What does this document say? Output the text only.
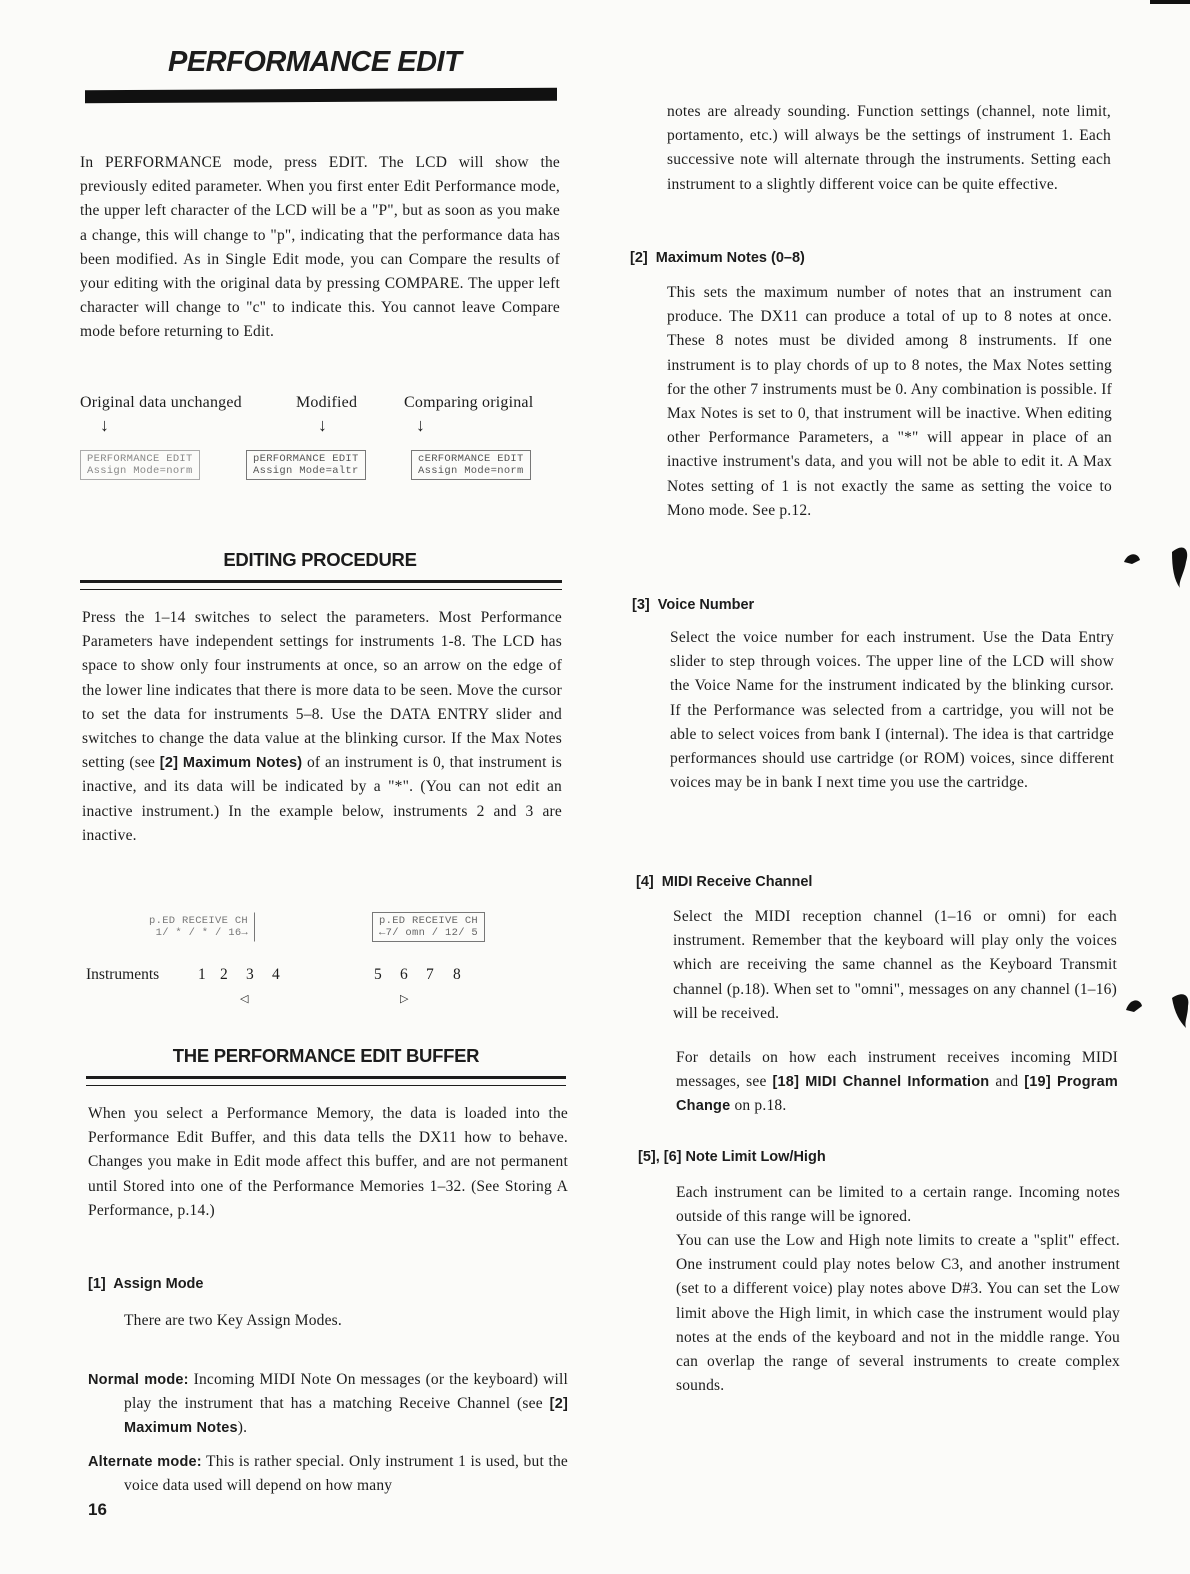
PERFORMANCE EDIT

In PERFORMANCE mode, press EDIT. The LCD will show the previously edited parameter. When you first enter Edit Performance mode, the upper left character of the LCD will be a "P", but as soon as you make a change, this will change to "p", indicating that the performance data has been modified. As in Single Edit mode, you can Compare the results of your editing with the original data by pressing COMPARE. The upper left character will change to "c" to indicate this. You cannot leave Compare mode before returning to Edit.

Original data unchanged	Modified	Comparing original
↓	↓	↓
PERFORMANCE EDIT
Assign Mode=norm
pERFORMANCE EDIT
Assign Mode=altr
cERFORMANCE EDIT
Assign Mode=norm
EDITING PROCEDURE

Press the 1–14 switches to select the parameters. Most Performance Parameters have independent settings for instruments 1-8. The LCD has space to show only four instruments at once, so an arrow on the edge of the lower line indicates that there is more data to be seen. Move the cursor to set the data for instruments 5–8. Use the DATA ENTRY slider and switches to change the data value at the blinking cursor. If the Max Notes setting (see [2] Maximum Notes) of an instrument is 0, that instrument is inactive, and its data will be indicated by a "*". (You can not edit an inactive instrument.) In the example below, instruments 2 and 3 are inactive.

p.ED RECEIVE CH
1/ * / * / 16→
p.ED RECEIVE CH
←7/ omn / 12/ 5
Instruments	1 2 3 4	5 6 7 8
◁	▷
THE PERFORMANCE EDIT BUFFER

When you select a Performance Memory, the data is loaded into the Performance Edit Buffer, and this data tells the DX11 how to behave. Changes you make in Edit mode affect this buffer, and are not permanent until Stored into one of the Performance Memories 1–32. (See Storing A Performance, p.14.)

[1]  Assign Mode
There are two Key Assign Modes.

Normal mode: Incoming MIDI Note On messages (or the keyboard) will play the instrument that has a matching Receive Channel (see [2] Maximum Notes).

Alternate mode: This is rather special. Only instrument 1 is used, but the voice data used will depend on how many

16

notes are already sounding. Function settings (channel, note limit, portamento, etc.) will always be the settings of instrument 1. Each successive note will alternate through the instruments. Setting each instrument to a slightly different voice can be quite effective.

[2]  Maximum Notes (0–8)

This sets the maximum number of notes that an instrument can produce. The DX11 can produce a total of up to 8 notes at once. These 8 notes must be divided among 8 instruments. If one instrument is to play chords of up to 8 notes, the Max Notes setting for the other 7 instruments must be 0. Any combination is possible. If Max Notes is set to 0, that instrument will be inactive. When editing other Performance Parameters, a "*" will appear in place of an inactive instrument's data, and you will not be able to edit it. A Max Notes setting of 1 is not exactly the same as setting the voice to Mono mode. See p.12.

[3]  Voice Number

Select the voice number for each instrument. Use the Data Entry slider to step through voices. The upper line of the LCD will show the Voice Name for the instrument indicated by the blinking cursor. If the Performance was selected from a cartridge, you will not be able to select voices from bank I (internal). The idea is that cartridge performances should use cartridge (or ROM) voices, since different voices may be in bank I next time you use the cartridge.

[4]  MIDI Receive Channel

Select the MIDI reception channel (1–16 or omni) for each instrument. Remember that the keyboard will play only the voices which are receiving the same channel as the Keyboard Transmit channel (p.18). When set to "omni", messages on any channel (1–16) will be received.

For details on how each instrument receives incoming MIDI messages, see [18] MIDI Channel Information and [19] Program Change on p.18.

[5], [6] Note Limit Low/High

Each instrument can be limited to a certain range. Incoming notes outside of this range will be ignored.

You can use the Low and High note limits to create a "split" effect. One instrument could play notes below C3, and another instrument (set to a different voice) play notes above D#3. You can set the Low limit above the High limit, in which case the instrument would play notes at the ends of the keyboard and not in the middle range. You can overlap the range of several instruments to create complex sounds.
